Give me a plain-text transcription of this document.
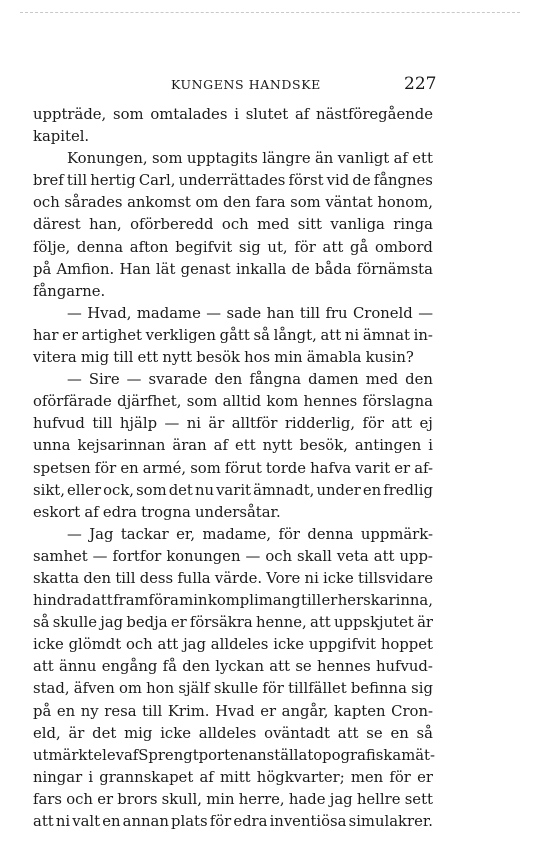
KUNGENS HANDSKE	227
uppträde, som omtalades i slutet af nästföregående
kapitel.
Konungen, som upptagits längre än vanligt af ett
bref till hertig Carl, underrättades först vid de fångnes
och sårades ankomst om den fara som väntat honom,
därest han, oförberedd och med sitt vanliga ringa
följe, denna afton begifvit sig ut, för att gå ombord
på Amfion. Han lät genast inkalla de båda förnämsta
fångarne.
— Hvad, madame — sade han till fru Croneld —
har er artighet verkligen gått så långt, att ni ämnat in-
vitera mig till ett nytt besök hos min ämabla kusin?
— Sire — svarade den fångna damen med den
oförfärade djärfhet, som alltid kom hennes förslagna
hufvud till hjälp — ni är alltför ridderlig, för att ej
unna kejsarinnan äran af ett nytt besök, antingen i
spetsen för en armé, som förut torde hafva varit er af-
sikt, eller ock, som det nu varit ämnadt, under en fredlig
eskort af edra trogna undersåtar.
— Jag tackar er, madame, för denna uppmärk-
samhet — fortfor konungen — och skall veta att upp-
skatta den till dess fulla värde. Vore ni icke tillsvidare
hindrad att framföra min komplimang till er herskarinna,
så skulle jag bedja er försäkra henne, att uppskjutet är
icke glömdt och att jag alldeles icke uppgifvit hoppet
att ännu engång få den lyckan att se hennes hufvud-
stad, äfven om hon själf skulle för tillfället befinna sig
på en ny resa till Krim. Hvad er angår, kapten Cron-
eld, är det mig icke alldeles oväntadt att se en så
utmärkt elev af Sprengtporten anställa topografiska mät-
ningar i grannskapet af mitt högkvarter; men för er
fars och er brors skull, min herre, hade jag hellre sett
att ni valt en annan plats för edra inventiösa simulakrer.
